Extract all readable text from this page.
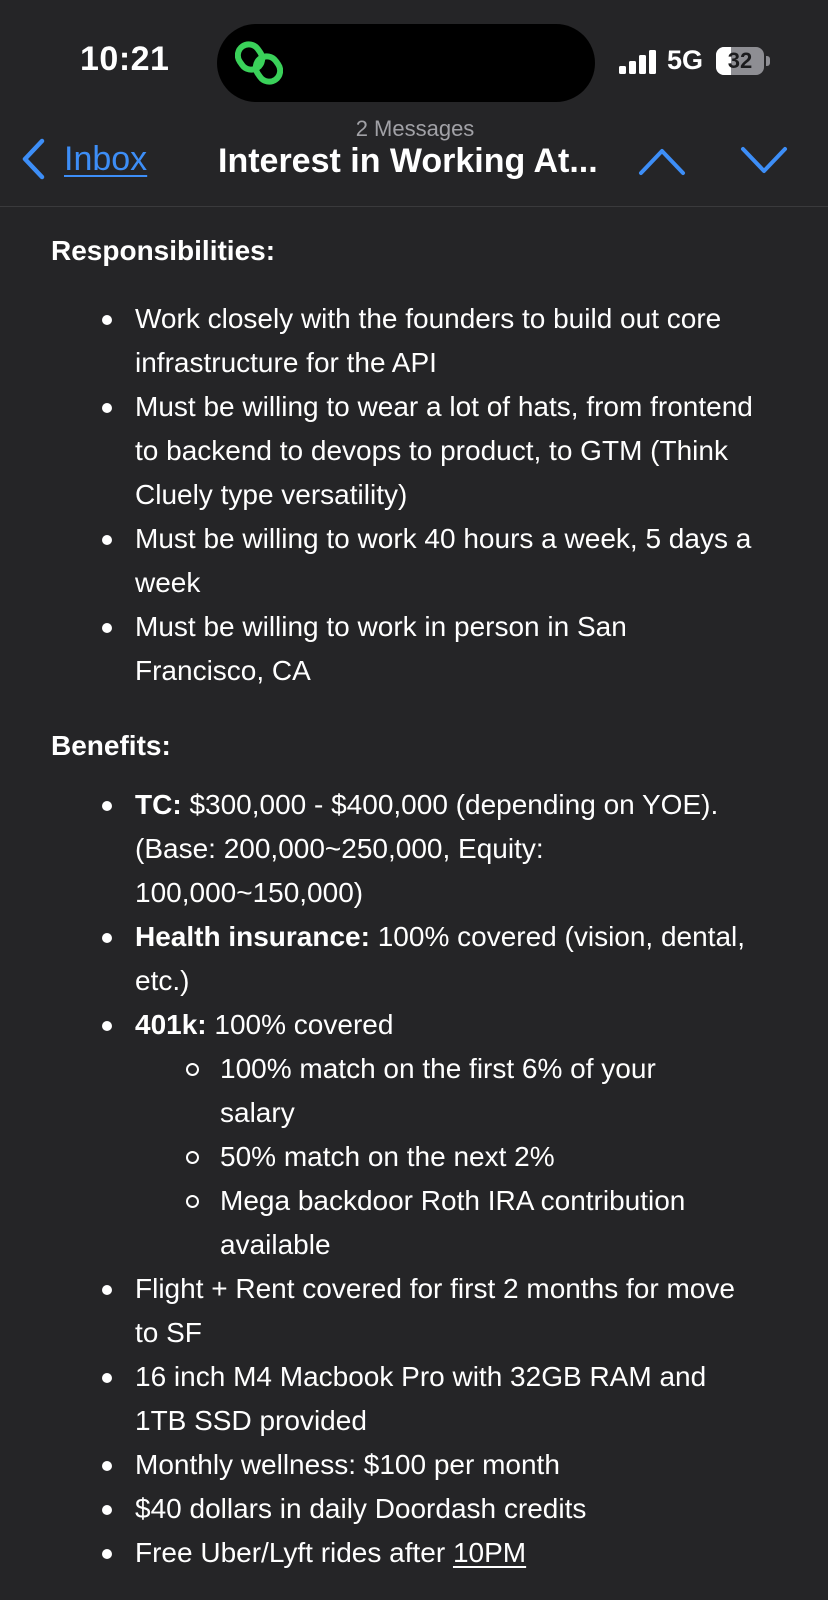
10:21	5G	32
Inbox
2 Messages
Interest in Working At...
Responsibilities:
Work closely with the founders to build out core infrastructure for the API
Must be willing to wear a lot of hats, from frontend to backend to devops to product, to GTM (Think Cluely type versatility)
Must be willing to work 40 hours a week, 5 days a week
Must be willing to work in person in San Francisco, CA
Benefits:
TC: $300,000 - $400,000 (depending on YOE). (Base: 200,000~250,000, Equity: 100,000~150,000)
Health insurance: 100% covered (vision, dental, etc.)
401k: 100% covered
100% match on the first 6% of your salary
50% match on the next 2%
Mega backdoor Roth IRA contribution available
Flight + Rent covered for first 2 months for move to SF
16 inch M4 Macbook Pro with 32GB RAM and 1TB SSD provided
Monthly wellness: $100 per month
$40 dollars in daily Doordash credits
Free Uber/Lyft rides after 10PM
